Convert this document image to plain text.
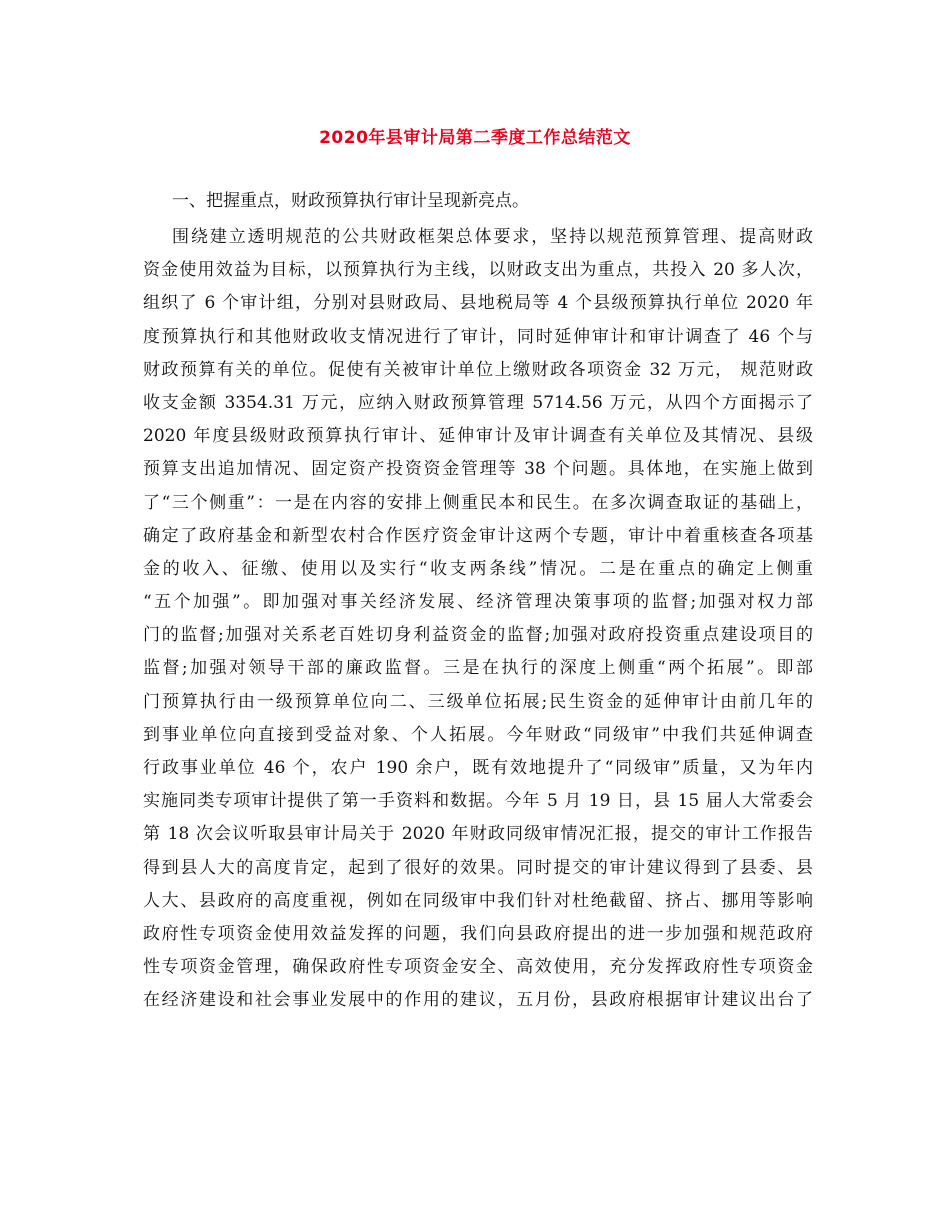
2020年县审计局第二季度工作总结范文
一、把握重点，财政预算执行审计呈现新亮点。
围绕建立透明规范的公共财政框架总体要求，坚持以规范预算管理、提高财政
资金使用效益为目标，以预算执行为主线，以财政支出为重点，共投入 20 多人次，
组织了 6 个审计组，分别对县财政局、县地税局等 4 个县级预算执行单位 2020 年
度预算执行和其他财政收支情况进行了审计，同时延伸审计和审计调查了 46 个与
财政预算有关的单位。促使有关被审计单位上缴财政各项资金 32 万元， 规范财政
收支金额 3354.31 万元，应纳入财政预算管理 5714.56 万元，从四个方面揭示了
2020 年度县级财政预算执行审计、延伸审计及审计调查有关单位及其情况、县级
预算支出追加情况、固定资产投资资金管理等 38 个问题。具体地，在实施上做到
了“三个侧重”：一是在内容的安排上侧重民本和民生。在多次调查取证的基础上，
确定了政府基金和新型农村合作医疗资金审计这两个专题，审计中着重核查各项基
金的收入、征缴、使用以及实行“收支两条线”情况。二是在重点的确定上侧重
“五个加强”。即加强对事关经济发展、经济管理决策事项的监督;加强对权力部
门的监督;加强对关系老百姓切身利益资金的监督;加强对政府投资重点建设项目的
监督;加强对领导干部的廉政监督。三是在执行的深度上侧重“两个拓展”。即部
门预算执行由一级预算单位向二、三级单位拓展;民生资金的延伸审计由前几年的
到事业单位向直接到受益对象、个人拓展。今年财政“同级审”中我们共延伸调查
行政事业单位 46 个，农户 190 余户，既有效地提升了“同级审”质量，又为年内
实施同类专项审计提供了第一手资料和数据。今年 5 月 19 日，县 15 届人大常委会
第 18 次会议听取县审计局关于 2020 年财政同级审情况汇报，提交的审计工作报告
得到县人大的高度肯定，起到了很好的效果。同时提交的审计建议得到了县委、县
人大、县政府的高度重视，例如在同级审中我们针对杜绝截留、挤占、挪用等影响
政府性专项资金使用效益发挥的问题，我们向县政府提出的进一步加强和规范政府
性专项资金管理，确保政府性专项资金安全、高效使用，充分发挥政府性专项资金
在经济建设和社会事业发展中的作用的建议，五月份，县政府根据审计建议出台了
